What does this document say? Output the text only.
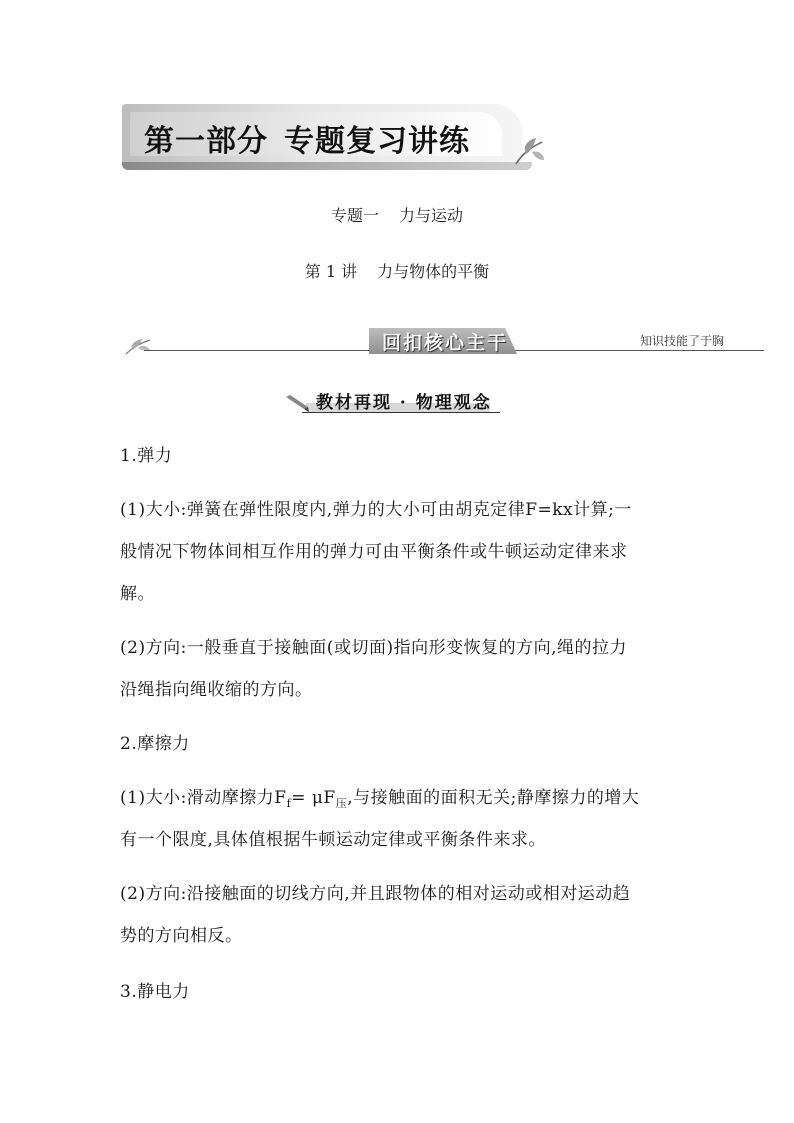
第一部分 专题复习讲练
专题一 力与运动
第 1 讲 力与物体的平衡
回扣核心主干	知识技能了于胸
教材再现 · 物理观念
1.弹力
(1)大小:弹簧在弹性限度内,弹力的大小可由胡克定律F=kx计算;一
般情况下物体间相互作用的弹力可由平衡条件或牛顿运动定律来求
解。
(2)方向:一般垂直于接触面(或切面)指向形变恢复的方向,绳的拉力
沿绳指向绳收缩的方向。
2.摩擦力
(1)大小:滑动摩擦力$F_f= \mu F_压$,与接触面的面积无关;静摩擦力的增大
有一个限度,具体值根据牛顿运动定律或平衡条件来求。
(2)方向:沿接触面的切线方向,并且跟物体的相对运动或相对运动趋
势的方向相反。
3.静电力
